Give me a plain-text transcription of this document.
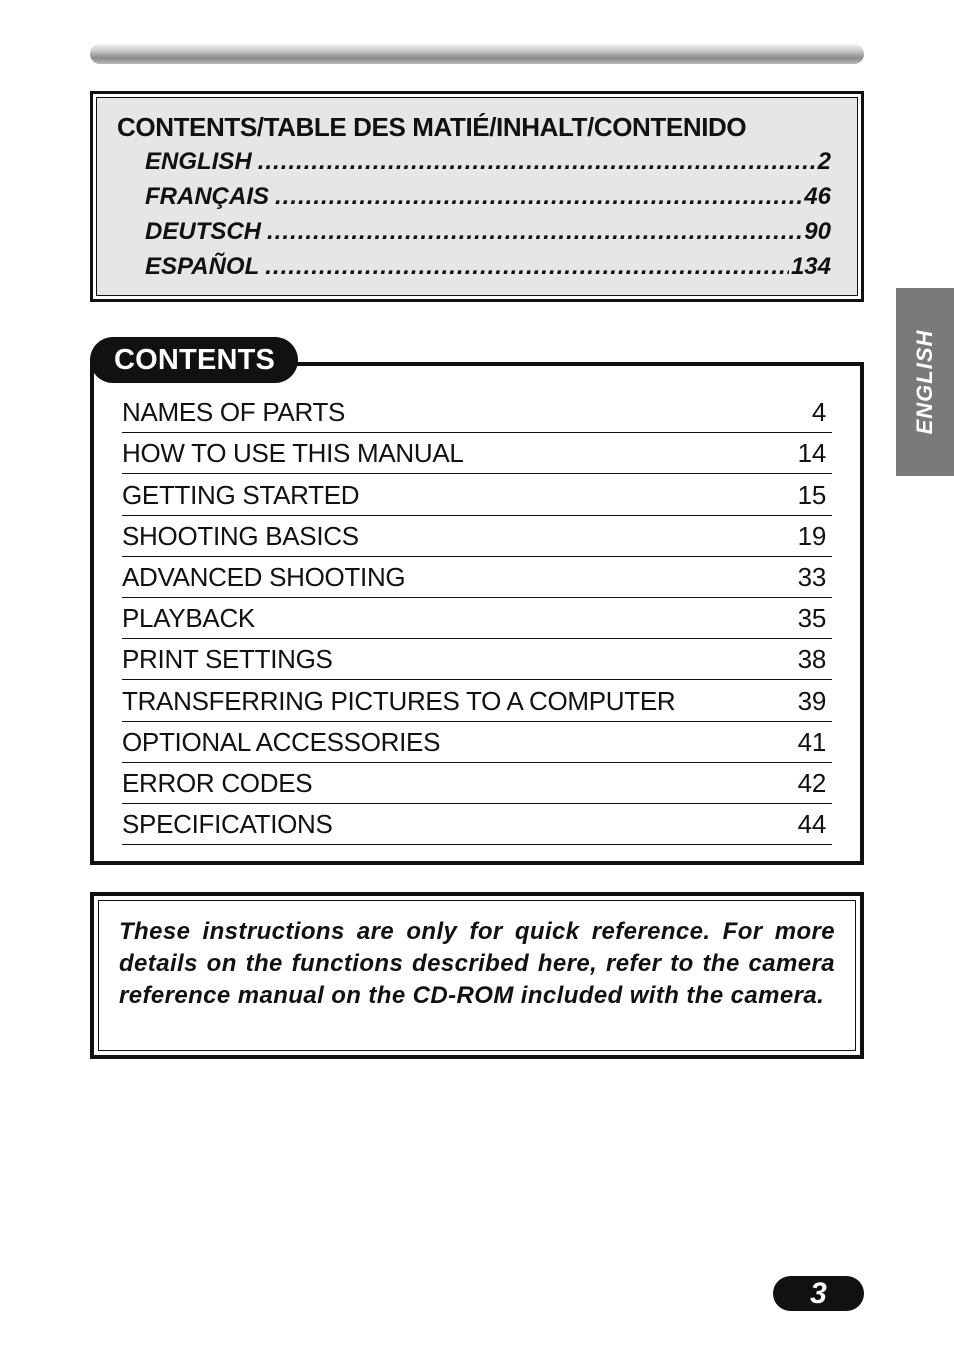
CONTENTS/TABLE DES MATIÉ/INHALT/CONTENIDO
ENGLISH .....	2
FRANÇAIS .....	46
DEUTSCH .....	90
ESPAÑOL .....	134
CONTENTS
NAMES OF PARTS	4
HOW TO USE THIS MANUAL	14
GETTING STARTED	15
SHOOTING BASICS	19
ADVANCED SHOOTING	33
PLAYBACK	35
PRINT SETTINGS	38
TRANSFERRING PICTURES TO A COMPUTER	39
OPTIONAL ACCESSORIES	41
ERROR CODES	42
SPECIFICATIONS	44

These instructions are only for quick reference. For more details on the functions described here, refer to the camera reference manual on the CD-ROM included with the camera.

ENGLISH
3
